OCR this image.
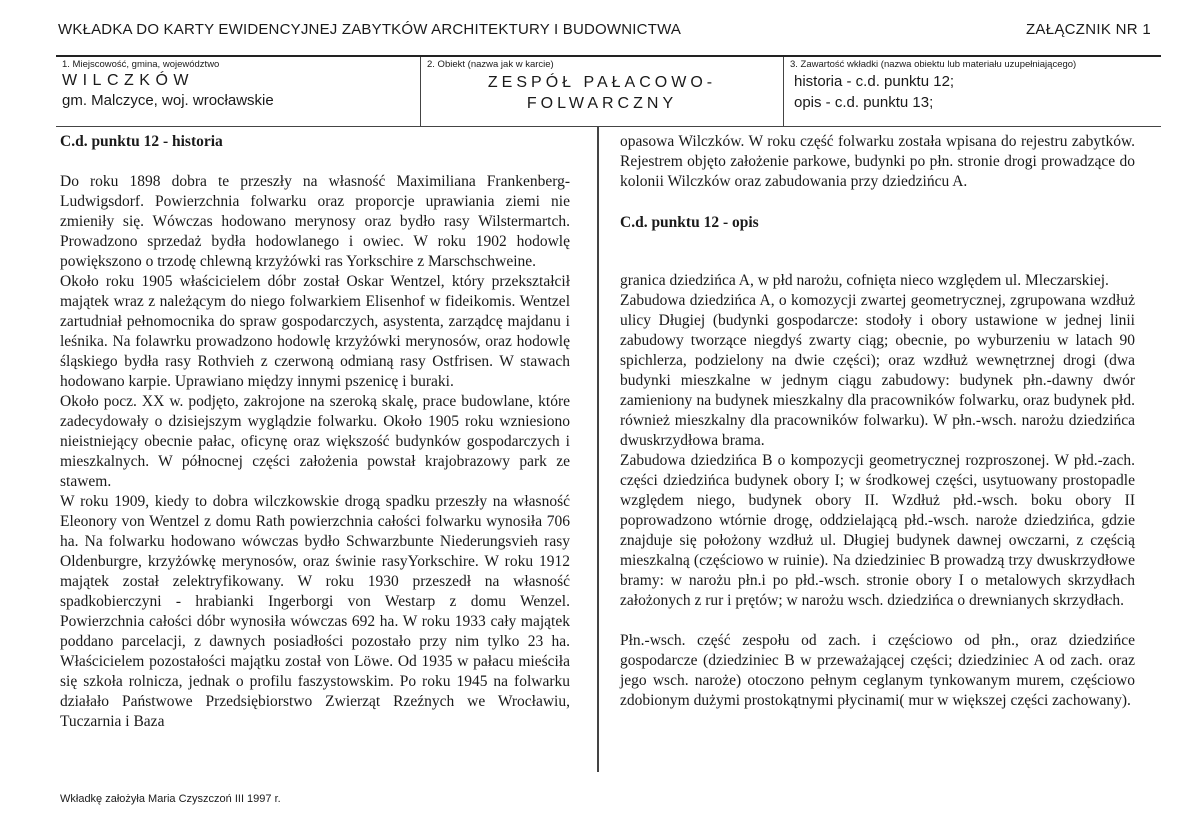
WKŁADKA DO KARTY EWIDENCYJNEJ ZABYTKÓW ARCHITEKTURY I BUDOWNICTWA	ZAŁĄCZNIK NR 1
1. Miejscowość, gmina, województwo
WILCZKÓW
gm. Malczyce, woj. wrocławskie
2. Obiekt (nazwa jak w karcie)
ZESPÓŁ PAŁACOWO-
FOLWARCZNY
3. Zawartość wkładki (nazwa obiektu lub materiału uzupełniającego)
historia - c.d. punktu 12;
opis - c.d. punktu 13;

C.d. punktu 12 - historia

Do roku 1898 dobra te przeszły na własność Maximiliana Frankenberg-Ludwigsdorf. Powierzchnia folwarku oraz proporcje uprawiania ziemi nie zmieniły się. Wówczas hodowano merynosy oraz bydło rasy Wilstermartch. Prowadzono sprzedaż bydła hodowlanego i owiec. W roku 1902 hodowlę powiększono o trzodę chlewną krzyżówki ras Yorkschire z Marschschweine.

Około roku 1905 właścicielem dóbr został Oskar Wentzel, który przekształcił majątek wraz z należącym do niego folwarkiem Elisenhof w fideikomis. Wentzel zartudniał pełnomocnika do spraw gospodarczych, asystenta, zarządcę majdanu i leśnika. Na folawrku prowadzono hodowlę krzyżówki merynosów, oraz hodowlę śląskiego bydła rasy Rothvieh z czerwoną odmianą rasy Ostfrisen. W stawach hodowano karpie. Uprawiano między innymi pszenicę i buraki.

Około pocz. XX w. podjęto, zakrojone na szeroką skalę, prace budowlane, które zadecydowały o dzisiejszym wyglądzie folwarku. Około 1905 roku wzniesiono nieistniejący obecnie pałac, oficynę oraz większość budynków gospodarczych i mieszkalnych. W północnej części założenia powstał krajobrazowy park ze stawem.

W roku 1909, kiedy to dobra wilczkowskie drogą spadku przeszły na własność Eleonory von Wentzel z domu Rath powierzchnia całości folwarku wynosiła 706 ha. Na folwarku hodowano wówczas bydło Schwarzbunte Niederungsvieh rasy Oldenburgre, krzyżówkę merynosów, oraz świnie rasyYorkschire. W roku 1912 majątek został zelektryfikowany. W roku 1930 przeszedł na własność spadkobierczyni - hrabianki Ingerborgi von Westarp z domu Wenzel. Powierzchnia całości dóbr wynosiła wówczas 692 ha. W roku 1933 cały majątek poddano parcelacji, z dawnych posiadłości pozostało przy nim tylko 23 ha. Właścicielem pozostałości majątku został von Löwe. Od 1935 w pałacu mieściła się szkoła rolnicza, jednak o profilu faszystowskim. Po roku 1945 na folwarku działało Państwowe Przedsiębiorstwo Zwierząt Rzeźnych we Wrocławiu, Tuczarnia i Baza

opasowa Wilczków. W roku część folwarku została wpisana do rejestru zabytków. Rejestrem objęto założenie parkowe, budynki po płn. stronie drogi prowadzące do kolonii Wilczków oraz zabudowania przy dziedzińcu A.

C.d. punktu 12 - opis

granica dziedzińca A, w płd narożu, cofnięta nieco względem ul. Mleczarskiej.

Zabudowa dziedzińca A, o komozycji zwartej geometrycznej, zgrupowana wzdłuż ulicy Długiej (budynki gospodarcze: stodoły i obory ustawione w jednej linii zabudowy tworzące niegdyś zwarty ciąg; obecnie, po wyburzeniu w latach 90 spichlerza, podzielony na dwie części); oraz wzdłuż wewnętrznej drogi (dwa budynki mieszkalne w jednym ciągu zabudowy: budynek płn.-dawny dwór zamieniony na budynek mieszkalny dla pracowników folwarku, oraz budynek płd. również mieszkalny dla pracowników folwarku). W płn.-wsch. narożu dziedzińca dwuskrzydłowa brama.

Zabudowa dziedzińca B o kompozycji geometrycznej rozproszonej. W płd.-zach. części dziedzińca budynek obory I; w środkowej części, usytuowany prostopadle względem niego, budynek obory II. Wzdłuż płd.-wsch. boku obory II poprowadzono wtórnie drogę, oddzielającą płd.-wsch. naroże dziedzińca, gdzie znajduje się położony wzdłuż ul. Długiej budynek dawnej owczarni, z częścią mieszkalną (częściowo w ruinie). Na dziedziniec B prowadzą trzy dwuskrzydłowe bramy: w narożu płn.i po płd.-wsch. stronie obory I o metalowych skrzydłach założonych z rur i prętów; w narożu wsch. dziedzińca o drewnianych skrzydłach.

Płn.-wsch. część zespołu od zach. i częściowo od płn., oraz dziedzińce gospodarcze (dziedziniec B w przeważającej części; dziedziniec A od zach. oraz jego wsch. naroże) otoczono pełnym ceglanym tynkowanym murem, częściowo zdobionym dużymi prostokątnymi płycinami( mur w większej części zachowany).

Wkładkę założyła Maria Czyszczoń III 1997 r.
